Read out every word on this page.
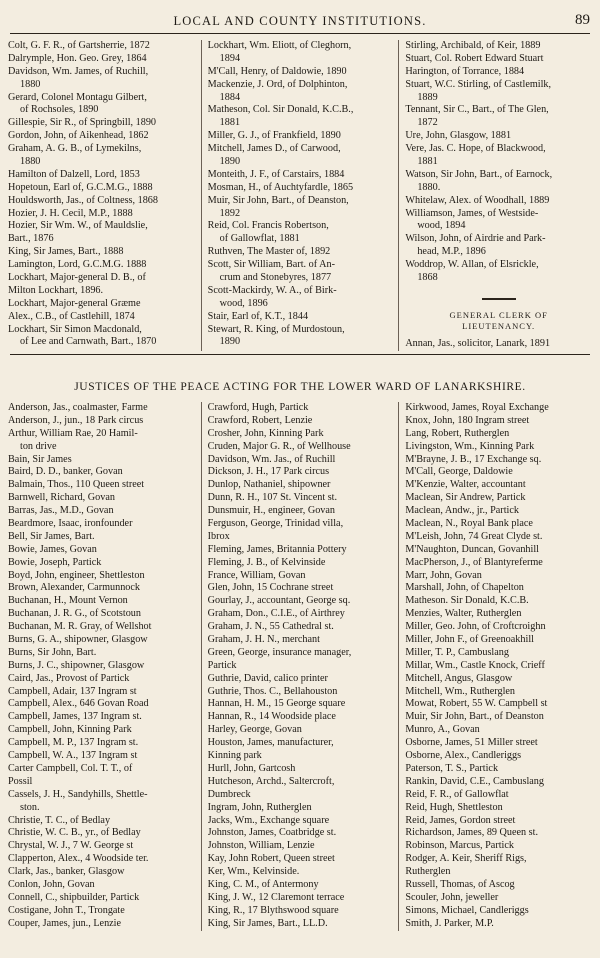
LOCAL AND COUNTY INSTITUTIONS.	89
Colt, G. F. R., of Gartsherrie, 1872
Dalrymple, Hon. Geo. Grey, 1864
Davidson, Wm. James, of Ruchill,
1880
Gerard, Colonel Montagu Gilbert,
of Rochsoles, 1890
Gillespie, Sir R., of Springbill, 1890
Gordon, John, of Aikenhead, 1862
Graham, A. G. B., of Lymekilns,
1880
Hamilton of Dalzell, Lord, 1853
Hopetoun, Earl of, G.C.M.G., 1888
Houldsworth, Jas., of Coltness, 1868
Hozier, J. H. Cecil, M.P., 1888
Hozier, Sir Wm. W., of Mauldslie,
Bart., 1876
King, Sir James, Bart., 1888
Lamington, Lord, G.C.M.G. 1888
Lockhart, Major-general D. B., of
Milton Lockhart, 1896.
Lockhart, Major-general Græme
Alex., C.B., of Castlehill, 1874
Lockhart, Sir Simon Macdonald,
of Lee and Carnwath, Bart., 1870
Lockhart, Wm. Eliott, of Cleghorn,
1894
M'Call, Henry, of Daldowie, 1890
Mackenzie, J. Ord, of Dolphinton,
1884
Matheson, Col. Sir Donald, K.C.B.,
1881
Miller, G. J., of Frankfield, 1890
Mitchell, James D., of Carwood,
1890
Monteith, J. F., of Carstairs, 1884
Mosman, H., of Auchtyfardle, 1865
Muir, Sir John, Bart., of Deanston,
1892
Reid, Col. Francis Robertson,
of Gallowflat, 1881
Ruthven, The Master of, 1892
Scott, Sir William, Bart. of An-
crum and Stonebyres, 1877
Scott-Mackirdy, W. A., of Birk-
wood, 1896
Stair, Earl of, K.T., 1844
Stewart, R. King, of Murdostoun,
1890
Stirling, Archibald, of Keir, 1889
Stuart, Col. Robert Edward Stuart
Harington, of Torrance, 1884
Stuart, W.C. Stirling, of Castlemilk,
1889
Tennant, Sir C., Bart., of The Glen,
1872
Ure, John, Glasgow, 1881
Vere, Jas. C. Hope, of Blackwood,
1881
Watson, Sir John, Bart., of Earnock,
1880.
Whitelaw, Alex. of Woodhall, 1889
Williamson, James, of Westside-
wood, 1894
Wilson, John, of Airdrie and Park-
head, M.P., 1896
Woddrop, W. Allan, of Elsrickle,
1868
GENERAL CLERK OF
LIEUTENANCY.
Annan, Jas., solicitor, Lanark, 1891
JUSTICES OF THE PEACE ACTING FOR THE LOWER WARD OF LANARKSHIRE.
Anderson, Jas., coalmaster, Farme
Anderson, J., jun., 18 Park circus
Arthur, William Rae, 20 Hamil-
ton drive
Bain, Sir James
Baird, D. D., banker, Govan
Balmain, Thos., 110 Queen street
Barnwell, Richard, Govan
Barras, Jas., M.D., Govan
Beardmore, Isaac, ironfounder
Bell, Sir James, Bart.
Bowie, James, Govan
Bowie, Joseph, Partick
Boyd, John, engineer, Shettleston
Brown, Alexander, Carmunnock
Buchanan, H., Mount Vernon
Buchanan, J. R. G., of Scotstoun
Buchanan, M. R. Gray, of Wellshot
Burns, G. A., shipowner, Glasgow
Burns, Sir John, Bart.
Burns, J. C., shipowner, Glasgow
Caird, Jas., Provost of Partick
Campbell, Adair, 137 Ingram st
Campbell, Alex., 646 Govan Road
Campbell, James, 137 Ingram st.
Campbell, John, Kinning Park
Campbell, M. P., 137 Ingram st.
Campbell, W. A., 137 Ingram st
Carter Campbell, Col. T. T., of
Possil
Cassels, J. H., Sandyhills, Shettle-
ston.
Christie, T. C., of Bedlay
Christie, W. C. B., yr., of Bedlay
Chrystal, W. J., 7 W. George st
Clapperton, Alex., 4 Woodside ter.
Clark, Jas., banker, Glasgow
Conlon, John, Govan
Connell, C., shipbuilder, Partick
Costigane, John T., Trongate
Couper, James, jun., Lenzie
Crawford, Hugh, Partick
Crawford, Robert, Lenzie
Crosher, John, Kinning Park
Cruden, Major G. R., of Wellhouse
Davidson, Wm. Jas., of Ruchill
Dickson, J. H., 17 Park circus
Dunlop, Nathaniel, shipowner
Dunn, R. H., 107 St. Vincent st.
Dunsmuir, H., engineer, Govan
Ferguson, George, Trinidad villa,
Ibrox
Fleming, James, Britannia Pottery
Fleming, J. B., of Kelvinside
France, William, Govan
Glen, John, 15 Cochrane street
Gourlay, J., accountant, George sq.
Graham, Don., C.I.E., of Airthrey
Graham, J. N., 55 Cathedral st.
Graham, J. H. N., merchant
Green, George, insurance manager,
Partick
Guthrie, David, calico printer
Guthrie, Thos. C., Bellahouston
Hannan, H. M., 15 George square
Hannan, R., 14 Woodside place
Harley, George, Govan
Houston, James, manufacturer,
Kinning park
Hurll, John, Gartcosh
Hutcheson, Archd., Saltercroft,
Dumbreck
Ingram, John, Rutherglen
Jacks, Wm., Exchange square
Johnston, James, Coatbridge st.
Johnston, William, Lenzie
Kay, John Robert, Queen street
Ker, Wm., Kelvinside.
King, C. M., of Antermony
King, J. W., 12 Claremont terrace
King, R., 17 Blythswood square
King, Sir James, Bart., LL.D.
Kirkwood, James, Royal Exchange
Knox, John, 180 Ingram street
Lang, Robert, Rutherglen
Livingston, Wm., Kinning Park
M'Brayne, J. B., 17 Exchange sq.
M'Call, George, Daldowie
M'Kenzie, Walter, accountant
Maclean, Sir Andrew, Partick
Maclean, Andw., jr., Partick
Maclean, N., Royal Bank place
M'Leish, John, 74 Great Clyde st.
M'Naughton, Duncan, Govanhill
MacPherson, J., of Blantyreferme
Marr, John, Govan
Marshall, John, of Chapelton
Matheson. Sir Donald, K.C.B.
Menzies, Walter, Rutherglen
Miller, Geo. John, of Croftcroighn
Miller, John F., of Greenoakhill
Miller, T. P., Cambuslang
Millar, Wm., Castle Knock, Crieff
Mitchell, Angus, Glasgow
Mitchell, Wm., Rutherglen
Mowat, Robert, 55 W. Campbell st
Muir, Sir John, Bart., of Deanston
Munro, A., Govan
Osborne, James, 51 Miller street
Osborne, Alex., Candleriggs
Paterson, T. S., Partick
Rankin, David, C.E., Cambuslang
Reid, F. R., of Gallowflat
Reid, Hugh, Shettleston
Reid, James, Gordon street
Richardson, James, 89 Queen st.
Robinson, Marcus, Partick
Rodger, A. Keir, Sheriff Rigs,
Rutherglen
Russell, Thomas, of Ascog
Scouler, John, jeweller
Simons, Michael, Candleriggs
Smith, J. Parker, M.P.
